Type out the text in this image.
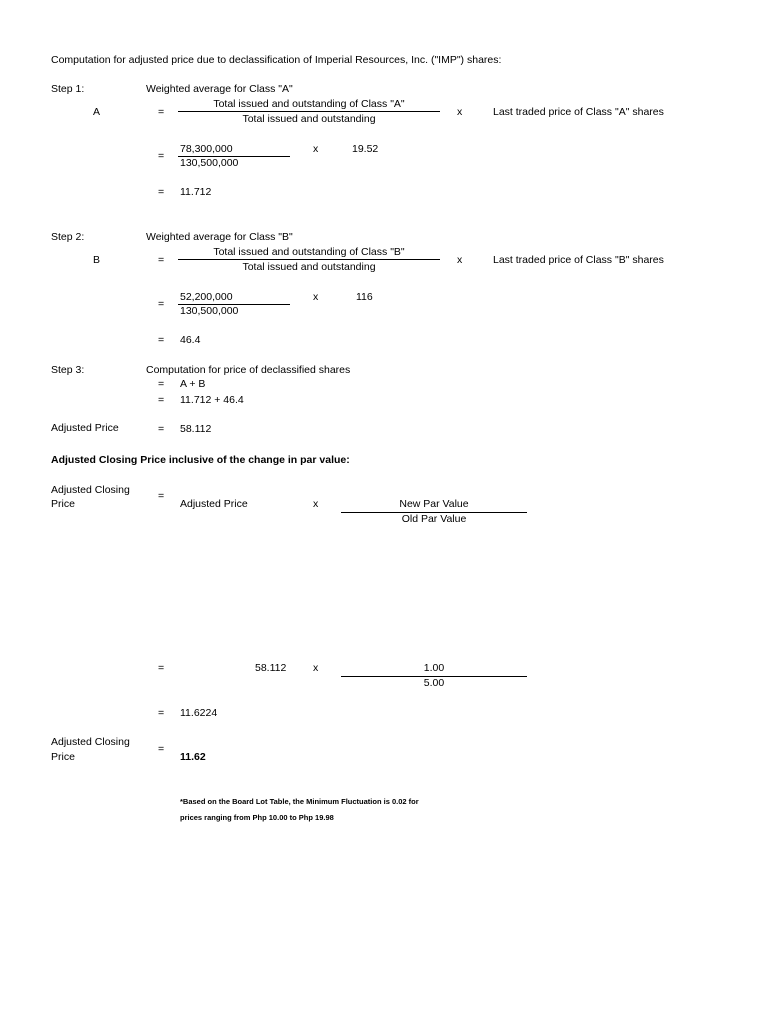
Computation for adjusted price due to declassification of Imperial Resources, Inc. ("IMP") shares:
Step 1:	Weighted average for Class "A"
A	=
Total issued and outstanding of Class "A"
Total issued and outstanding
x	Last traded price of Class "A" shares
=
78,300,000
130,500,000
x	19.52
= 11.712
Step 2:	Weighted average for Class "B"
B	=
Total issued and outstanding of Class "B"
Total issued and outstanding
x	Last traded price of Class "B" shares
=
52,200,000
130,500,000
x	116
= 46.4
Step 3:	Computation for price of declassified shares
= A + B
= 11.712 + 46.4
Adjusted Price	= 58.112
Adjusted Closing Price inclusive of the change in par value:
Adjusted Closing
Price
=
Adjusted Price	x	New Par Value
Old Par Value
=	58.112	x	1.00
5.00
= 11.6224
Adjusted Closing
Price
=
11.62
*Based on the Board Lot Table, the Minimum Fluctuation is 0.02 for
prices ranging from Php 10.00 to Php 19.98
